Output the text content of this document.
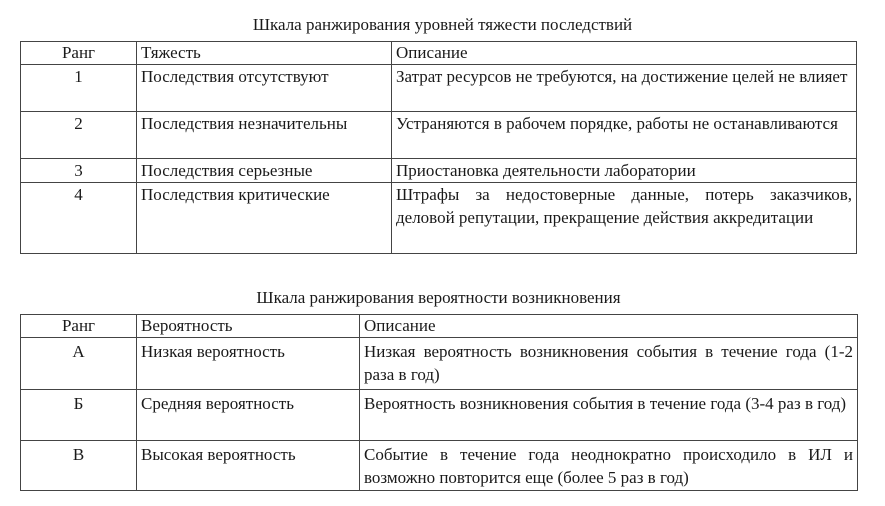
Шкала ранжирования уровней тяжести последствий
Ранг	Тяжесть	Описание
1	Последствия отсутствуют	Затрат ресурсов не требуются, на достижение целей не влияет
2	Последствия незначительны	Устраняются в рабочем порядке, работы не останавливаются
3	Последствия серьезные	Приостановка деятельности лаборатории
4	Последствия критические	Штрафы за недостоверные данные, потерь заказчиков, деловой репутации, прекращение действия аккредитации
Шкала ранжирования вероятности возникновения
Ранг	Вероятность	Описание
А	Низкая вероятность	Низкая вероятность возникновения события в течение года (1-2 раза в год)
Б	Средняя вероятность	Вероятность возникновения события в течение года (3-4 раз в год)
В	Высокая вероятность	Событие в течение года неоднократно происходило в ИЛ и возможно повторится еще (более 5 раз в год)
